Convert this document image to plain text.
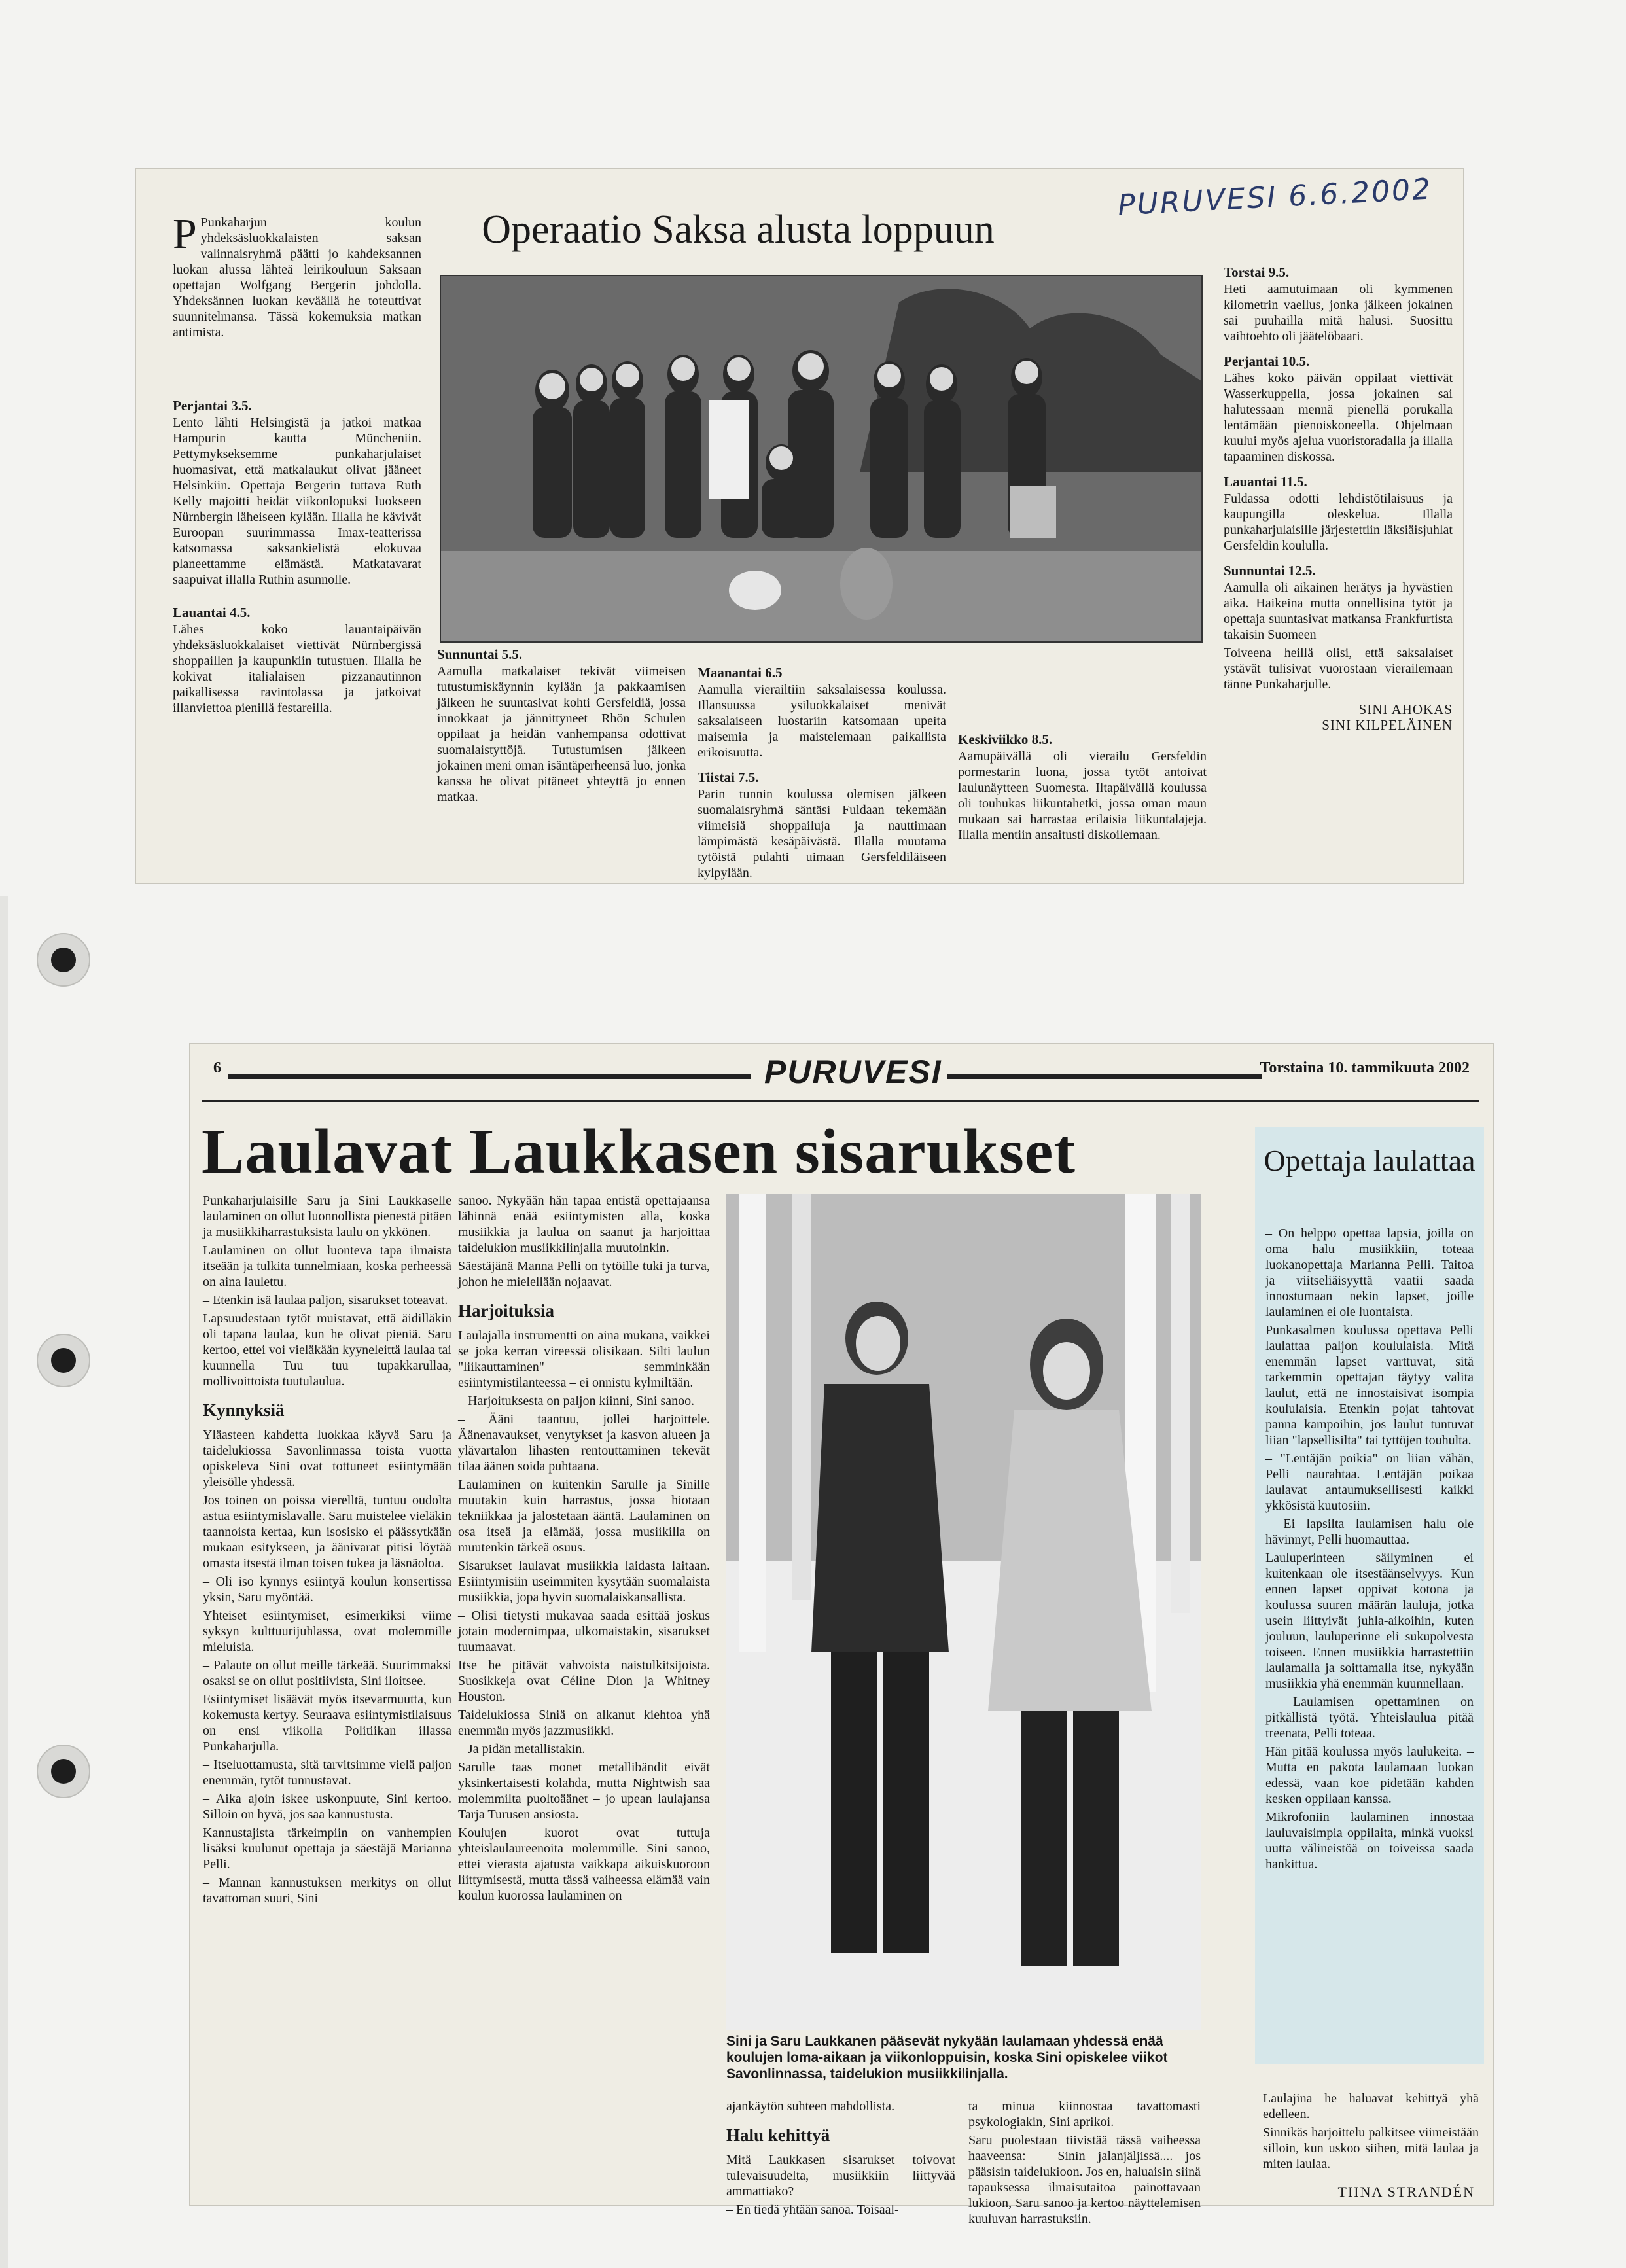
PURUVESI 6.6.2002
Operaatio Saksa alusta loppuun

P Punkaharjun koulun yhdeksäsluokkalaisten saksan valinnaisryhmä päätti jo kahdeksannen luokan alussa lähteä leirikouluun Saksaan opettajan Wolfgang Bergerin johdolla. Yhdeksännen luokan keväällä he toteuttivat suunnitelmansa. Tässä kokemuksia matkan antimista.

Perjantai 3.5.

Lento lähti Helsingistä ja jatkoi matkaa Hampurin kautta Müncheniin. Pettymykseksemme punkaharjulaiset huomasivat, että matkalaukut olivat jääneet Helsinkiin. Opettaja Bergerin tuttava Ruth Kelly majoitti heidät viikonlopuksi luokseen Nürnbergin läheiseen kylään. Illalla he kävivät Euroopan suurimmassa Imax-teatterissa katsomassa saksankielistä elokuvaa planeettamme elämästä. Matkatavarat saapuivat illalla Ruthin asunnolle.

Lauantai 4.5.

Lähes koko lauantaipäivän yhdeksäsluokkalaiset viettivät Nürnbergissä shoppaillen ja kaupunkiin tutustuen. Illalla he kokivat italialaisen pizzanautinnon paikallisessa ravintolassa ja jatkoivat illanviettoa pienillä festareilla.

Sunnuntai 5.5.

Aamulla matkalaiset tekivät viimeisen tutustumiskäynnin kylään ja pakkaamisen jälkeen he suuntasivat kohti Gersfeldiä, jossa innokkaat ja jännittyneet Rhön Schulen oppilaat ja heidän vanhempansa odottivat suomalaistyttöjä. Tutustumisen jälkeen jokainen meni oman isäntäperheensä luo, jonka kanssa he olivat pitäneet yhteyttä jo ennen matkaa.

Maanantai 6.5

Aamulla vierailtiin saksalaisessa koulussa. Illansuussa ysiluokkalaiset menivät saksalaiseen luostariin katsomaan upeita maisemia ja maistelemaan paikallista erikoisuutta.

Tiistai 7.5.

Parin tunnin koulussa olemisen jälkeen suomalaisryhmä säntäsi Fuldaan tekemään viimeisiä shoppailuja ja nauttimaan lämpimästä kesäpäivästä. Illalla muutama tytöistä pulahti uimaan Gersfeldiläiseen kylpylään.

Keskiviikko 8.5.

Aamupäivällä oli vierailu Gersfeldin pormestarin luona, jossa tytöt antoivat laulunäytteen Suomesta. Iltapäivällä koulussa oli touhukas liikuntahetki, jossa oman maun mukaan sai harrastaa erilaisia liikuntalajeja. Illalla mentiin ansaitusti diskoilemaan.

Torstai 9.5.

Heti aamutuimaan oli kymmenen kilometrin vaellus, jonka jälkeen jokainen sai puuhailla mitä halusi. Suosittu vaihtoehto oli jäätelöbaari.

Perjantai 10.5.

Lähes koko päivän oppilaat viettivät Wasserkuppella, jossa jokainen sai halutessaan mennä pienellä porukalla lentämään pienoiskoneella. Ohjelmaan kuului myös ajelua vuoristoradalla ja illalla tapaaminen diskossa.

Lauantai 11.5.

Fuldassa odotti lehdistötilaisuus ja kaupungilla oleskelua. Illalla punkaharjulaisille järjestettiin läksiäisjuhlat Gersfeldin koululla.

Sunnuntai 12.5.

Aamulla oli aikainen herätys ja hyvästien aika. Haikeina mutta onnellisina tytöt ja opettaja suuntasivat matkansa Frankfurtista takaisin Suomeen

Toiveena heillä olisi, että saksalaiset ystävät tulisivat vuorostaan vierailemaan tänne Punkaharjulle.

SINI AHOKAS
SINI KILPELÄINEN
6	PURUVESI	Torstaina 10. tammikuuta 2002
Laulavat Laukkasen sisarukset

Punkaharjulaisille Saru ja Sini Laukkaselle laulaminen on ollut luonnollista pienestä pitäen ja musiikkiharrastuksista laulu on ykkönen.

Laulaminen on ollut luonteva tapa ilmaista itseään ja tulkita tunnelmiaan, koska perheessä on aina laulettu.

– Etenkin isä laulaa paljon, sisarukset toteavat.

Lapsuudestaan tytöt muistavat, että äidilläkin oli tapana laulaa, kun he olivat pieniä. Saru kertoo, ettei voi vieläkään kyyneleittä laulaa tai kuunnella Tuu tuu tupakkarullaa, mollivoittoista tuutulaulua.

Kynnyksiä

Yläasteen kahdetta luokkaa käyvä Saru ja taidelukiossa Savonlinnassa toista vuotta opiskeleva Sini ovat tottuneet esiintymään yleisölle yhdessä.

Jos toinen on poissa vierelltä, tuntuu oudolta astua esiintymislavalle. Saru muistelee vieläkin taannoista kertaa, kun isosisko ei päässytkään mukaan esitykseen, ja äänivarat pitisi löytää omasta itsestä ilman toisen tukea ja läsnäoloa.

– Oli iso kynnys esiintyä koulun konsertissa yksin, Saru myöntää.

Yhteiset esiintymiset, esimerkiksi viime syksyn kulttuurijuhlassa, ovat molemmille mieluisia.

– Palaute on ollut meille tärkeää. Suurimmaksi osaksi se on ollut positiivista, Sini iloitsee.

Esiintymiset lisäävät myös itsevarmuutta, kun kokemusta kertyy. Seuraava esiintymistilaisuus on ensi viikolla Politiikan illassa Punkaharjulla.

– Itseluottamusta, sitä tarvitsimme vielä paljon enemmän, tytöt tunnustavat.

– Aika ajoin iskee uskonpuute, Sini kertoo. Silloin on hyvä, jos saa kannustusta.

Kannustajista tärkeimpiin on vanhempien lisäksi kuulunut opettaja ja säestäjä Marianna Pelli.

– Mannan kannustuksen merkitys on ollut tavattoman suuri, Sini

sanoo. Nykyään hän tapaa entistä opettajaansa lähinnä enää esiintymisten alla, koska musiikkia ja laulua on saanut ja harjoittaa taidelukion musiikkilinjalla muutoinkin.

Säestäjänä Manna Pelli on tytöille tuki ja turva, johon he mielellään nojaavat.

Harjoituksia

Laulajalla instrumentti on aina mukana, vaikkei se joka kerran vireessä olisikaan. Silti laulun "liikauttaminen" – semminkään esiintymistilanteessa – ei onnistu kylmiltään.

– Harjoituksesta on paljon kiinni, Sini sanoo.

– Ääni taantuu, jollei harjoittele. Äänenavaukset, venytykset ja kasvon alueen ja ylävartalon lihasten rentouttaminen tekevät tilaa äänen soida puhtaana.

Laulaminen on kuitenkin Sarulle ja Sinille muutakin kuin harrastus, jossa hiotaan tekniikkaa ja jalostetaan ääntä. Laulaminen on osa itseä ja elämää, jossa musiikilla on muutenkin tärkeä osuus.

Sisarukset laulavat musiikkia laidasta laitaan. Esiintymisiin useimmiten kysytään suomalaista musiikkia, jopa hyvin suomalaiskansallista.

– Olisi tietysti mukavaa saada esittää joskus jotain modernimpaa, ulkomaistakin, sisarukset tuumaavat.

Itse he pitävät vahvoista naistulkitsijoista. Suosikkeja ovat Céline Dion ja Whitney Houston.

Taidelukiossa Siniä on alkanut kiehtoa yhä enemmän myös jazzmusiikki.

– Ja pidän metallistakin.

Sarulle taas monet metallibändit eivät yksinkertaisesti kolahda, mutta Nightwish saa molemmilta puoltoäänet – jo upean laulajansa Tarja Turusen ansiosta.

Koulujen kuorot ovat tuttuja yhteislaulaureenoita molemmille. Sini sanoo, ettei vierasta ajatusta vaikkapa aikuiskuoroon liittymisestä, mutta tässä vaiheessa elämää vain koulun kuorossa laulaminen on

Sini ja Saru Laukkanen pääsevät nykyään laulamaan yhdessä enää koulujen loma-aikaan ja viikonloppuisin, koska Sini opiskelee viikot Savonlinnassa, taidelukion musiikkilinjalla.

ajankäytön suhteen mahdollista.

Halu kehittyä

Mitä Laukkasen sisarukset toivovat tulevaisuudelta, musiikkiin liittyvää ammattiako?

– En tiedä yhtään sanoa. Toisaal-

ta minua kiinnostaa tavattomasti psykologiakin, Sini aprikoi.

Saru puolestaan tiivistää tässä vaiheessa haaveensa: – Sinin jalanjäljissä.... jos pääsisin taidelukioon. Jos en, haluaisin siinä tapauksessa ilmaisutaitoa painottavaan lukioon, Saru sanoo ja kertoo näyttelemisen kuuluvan harrastuksiin.

Opettaja laulattaa

– On helppo opettaa lapsia, joilla on oma halu musiikkiin, toteaa luokanopettaja Marianna Pelli. Taitoa ja viitseliäisyyttä vaatii saada innostumaan nekin lapset, joille laulaminen ei ole luontaista.

Punkasalmen koulussa opettava Pelli laulattaa paljon koululaisia. Mitä enemmän lapset varttuvat, sitä tarkemmin opettajan täytyy valita laulut, että ne innostaisivat isompia koululaisia. Etenkin pojat tahtovat panna kampoihin, jos laulut tuntuvat liian "lapsellisilta" tai tyttöjen touhulta.

– "Lentäjän poikia" on liian vähän, Pelli naurahtaa. Lentäjän poikaa laulavat antaumuksellisesti kaikki ykkösistä kuutosiin.

– Ei lapsilta laulamisen halu ole hävinnyt, Pelli huomauttaa.

Lauluperinteen säilyminen ei kuitenkaan ole itsestäänselvyys. Kun ennen lapset oppivat kotona ja koulussa suuren määrän lauluja, jotka usein liittyivät juhla-aikoihin, kuten jouluun, lauluperinne eli sukupolvesta toiseen. Ennen musiikkia harrastettiin laulamalla ja soittamalla itse, nykyään musiikkia yhä enemmän kuunnellaan.

– Laulamisen opettaminen on pitkällistä työtä. Yhteislaulua pitää treenata, Pelli toteaa.

Hän pitää koulussa myös laulukeita. – Mutta en pakota laulamaan luokan edessä, vaan koe pidetään kahden kesken oppilaan kanssa.

Mikrofoniin laulaminen innostaa lauluvaisimpia oppilaita, minkä vuoksi uutta välineistöä on toiveissa saada hankittua.

Laulajina he haluavat kehittyä yhä edelleen.

Sinnikäs harjoittelu palkitsee viimeistään silloin, kun uskoo siihen, mitä laulaa ja miten laulaa.

TIINA STRANDÉN
